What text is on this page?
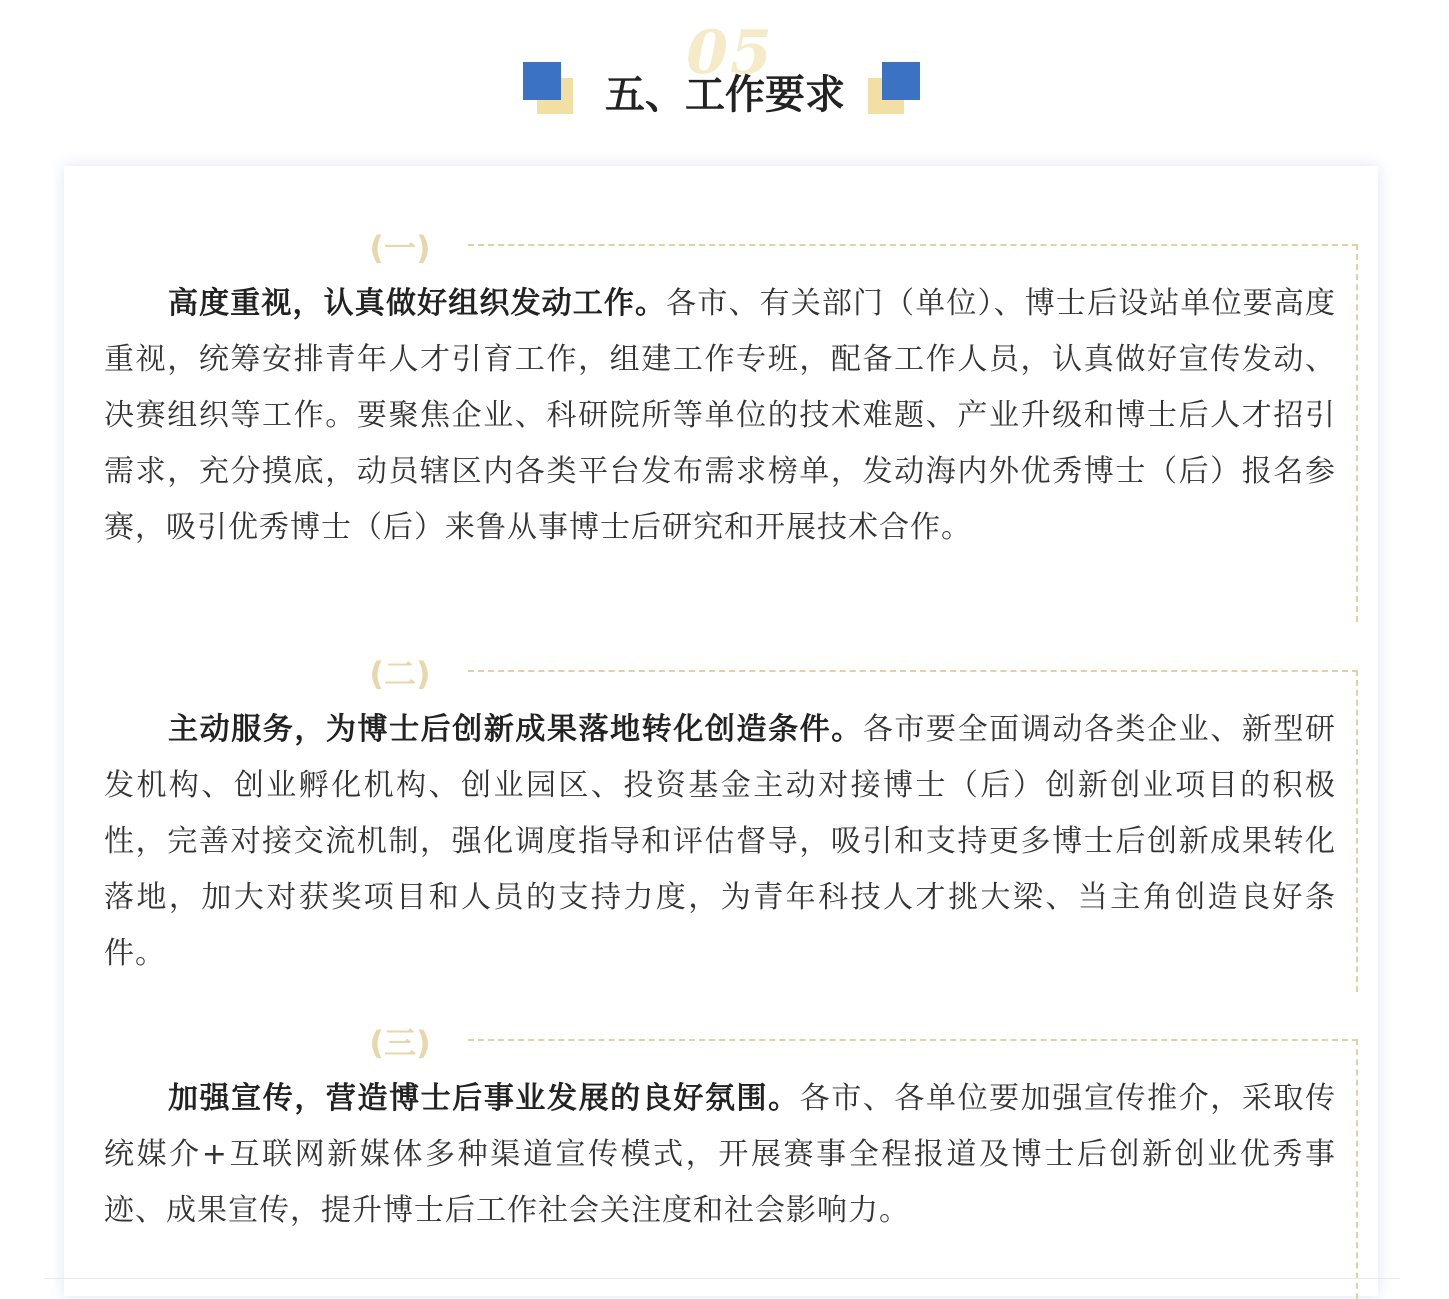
05
五、工作要求
(一)

高度重视，认真做好组织发动工作。各市、有关部门（单位）、博士后设站单位要高度重视，统筹安排青年人才引育工作，组建工作专班，配备工作人员，认真做好宣传发动、决赛组织等工作。要聚焦企业、科研院所等单位的技术难题、产业升级和博士后人才招引需求，充分摸底，动员辖区内各类平台发布需求榜单，发动海内外优秀博士（后）报名参赛，吸引优秀博士（后）来鲁从事博士后研究和开展技术合作。

(二)

主动服务，为博士后创新成果落地转化创造条件。各市要全面调动各类企业、新型研发机构、创业孵化机构、创业园区、投资基金主动对接博士（后）创新创业项目的积极性，完善对接交流机制，强化调度指导和评估督导，吸引和支持更多博士后创新成果转化落地，加大对获奖项目和人员的支持力度，为青年科技人才挑大梁、当主角创造良好条件。

(三)

加强宣传，营造博士后事业发展的良好氛围。各市、各单位要加强宣传推介，采取传统媒介+互联网新媒体多种渠道宣传模式，开展赛事全程报道及博士后创新创业优秀事迹、成果宣传，提升博士后工作社会关注度和社会影响力。
